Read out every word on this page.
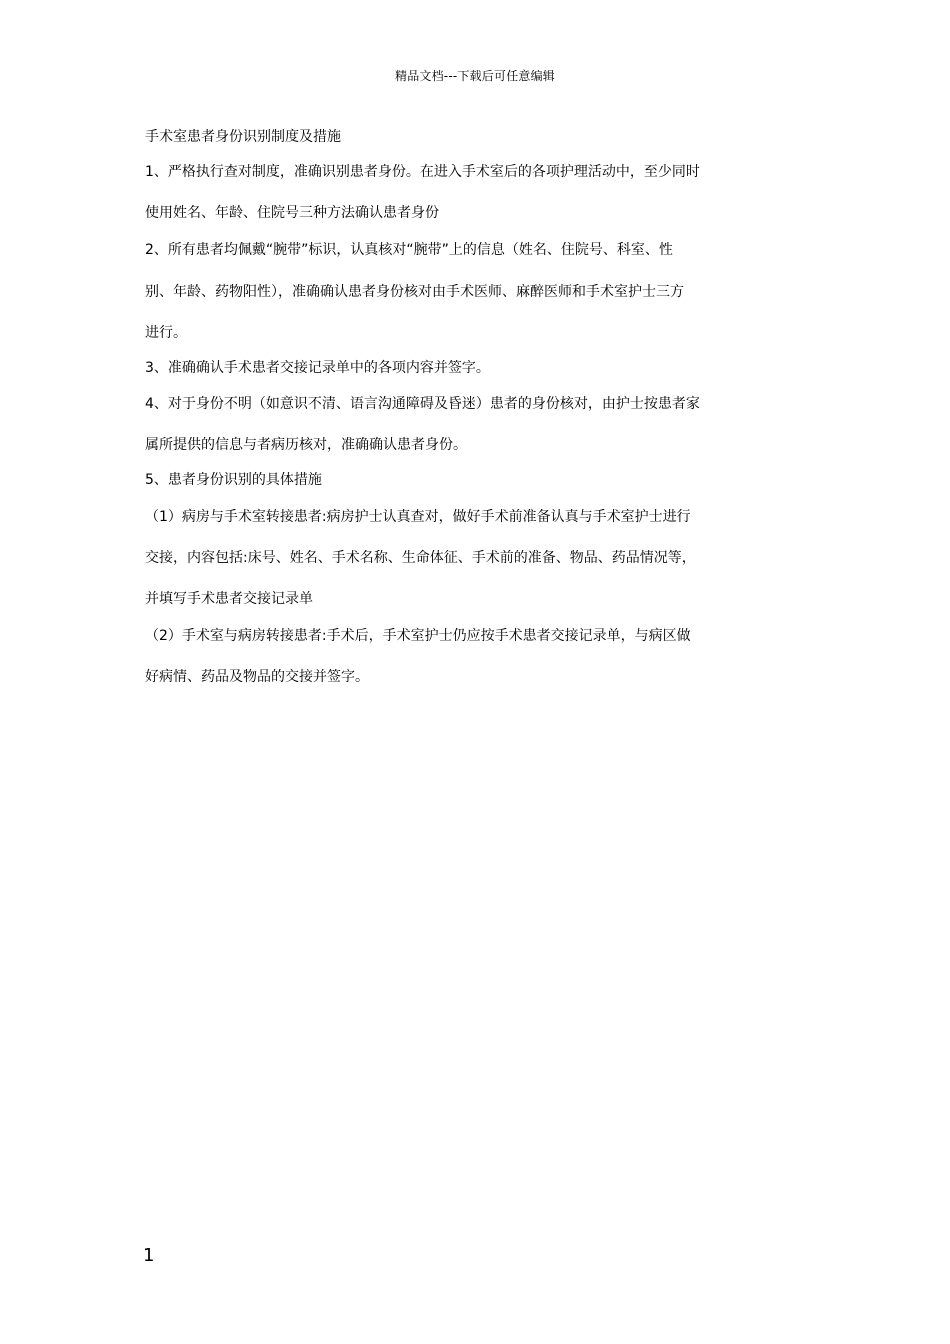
精品文档---下载后可任意编辑
手术室患者身份识别制度及措施
1、严格执行查对制度，准确识别患者身份。在进入手术室后的各项护理活动中，至少同时
使用姓名、年龄、住院号三种方法确认患者身份
2、所有患者均佩戴“腕带”标识，认真核对“腕带”上的信息（姓名、住院号、科室、性
别、年龄、药物阳性），准确确认患者身份核对由手术医师、麻醉医师和手术室护士三方
进行。
3、准确确认手术患者交接记录单中的各项内容并签字。
4、对于身份不明（如意识不清、语言沟通障碍及昏迷）患者的身份核对，由护士按患者家
属所提供的信息与者病历核对，准确确认患者身份。
5、患者身份识别的具体措施
（1）病房与手术室转接患者:病房护士认真查对，做好手术前准备认真与手术室护士进行
交接，内容包括:床号、姓名、手术名称、生命体征、手术前的准备、物品、药品情况等，
并填写手术患者交接记录单
（2）手术室与病房转接患者:手术后，手术室护士仍应按手术患者交接记录单，与病区做
好病情、药品及物品的交接并签字。
1
